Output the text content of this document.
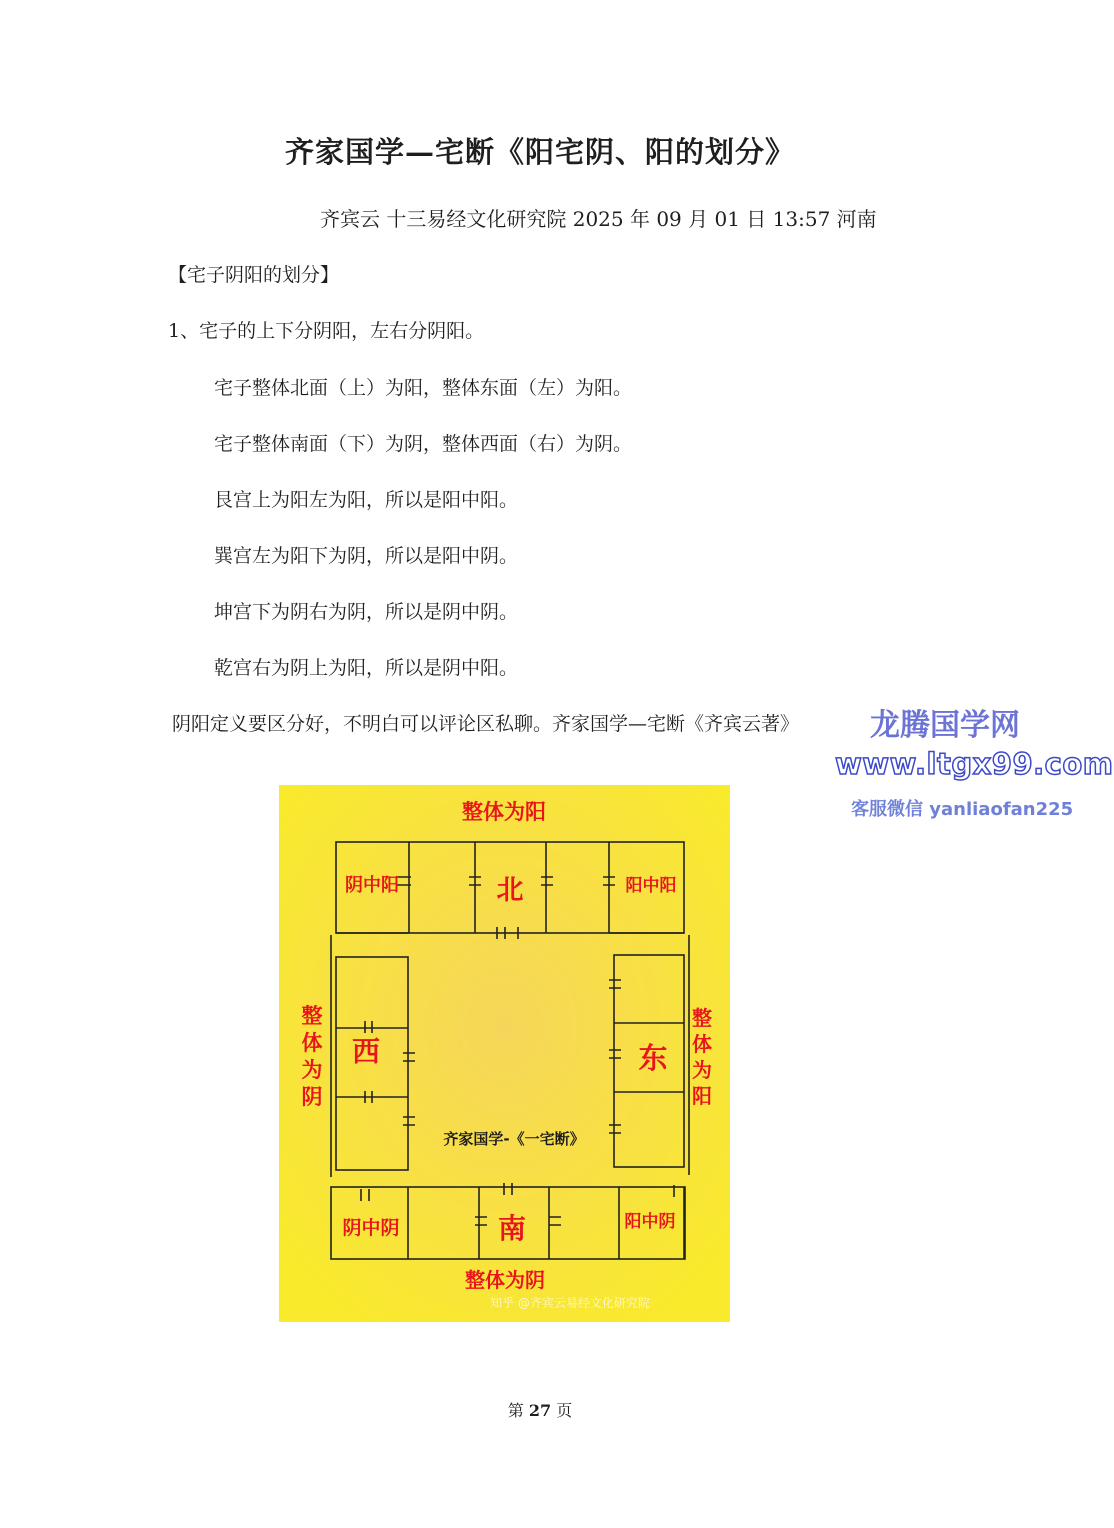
齐家国学—宅断《阳宅阴、阳的划分》
齐宾云 十三易经文化研究院 2025 年 09 月 01 日 13:57 河南
【宅子阴阳的划分】
1、宅子的上下分阴阳，左右分阴阳。
宅子整体北面（上）为阳，整体东面（左）为阳。
宅子整体南面（下）为阴，整体西面（右）为阴。
艮宫上为阳左为阳，所以是阳中阳。
巽宫左为阳下为阴，所以是阳中阴。
坤宫下为阴右为阴，所以是阴中阴。
乾宫右为阴上为阳，所以是阴中阳。
阴阳定义要区分好，不明白可以评论区私聊。齐家国学—宅断《齐宾云著》 龙腾国学网
www.ltgx99.com
客服微信 yanliaofan225
整体为阳
整体为阴
整
体
为
阴
整
体
为
阳
北
南
西	东
阴中阳	阳中阳
阴中阴	阳中阴
齐家国学-《一宅断》
知乎 @齐宾云易经文化研究院
第 27 页
